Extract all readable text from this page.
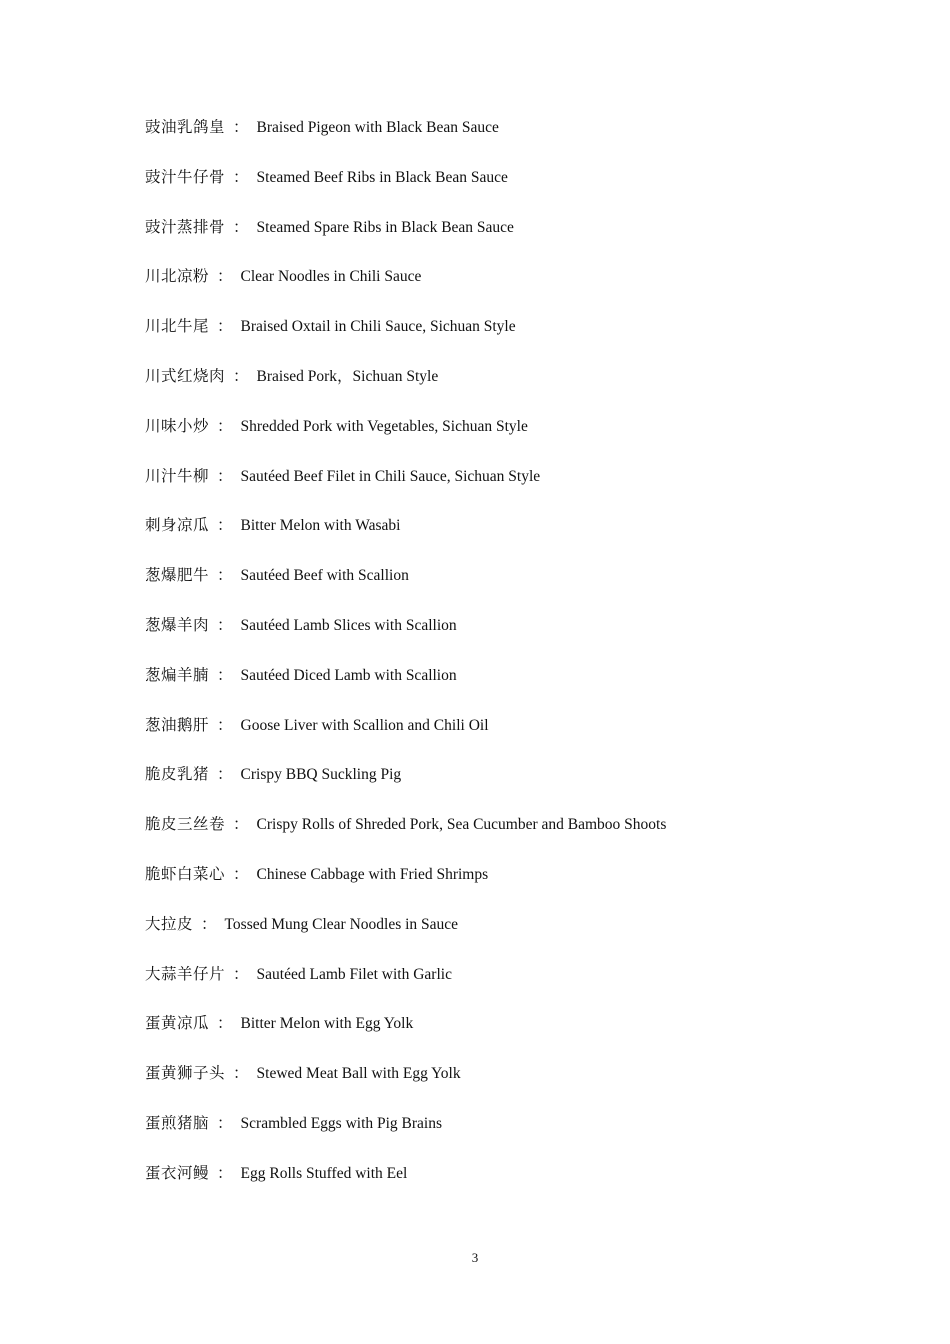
豉油乳鸽皇 ： Braised Pigeon with Black Bean Sauce
豉汁牛仔骨 ： Steamed Beef Ribs in Black Bean Sauce
豉汁蒸排骨 ： Steamed Spare Ribs in Black Bean Sauce
川北凉粉 ： Clear Noodles in Chili Sauce
川北牛尾 ： Braised Oxtail in Chili Sauce, Sichuan Style
川式红烧肉 ： Braised Pork，Sichuan Style
川味小炒 ： Shredded Pork with Vegetables, Sichuan Style
川汁牛柳 ： Sautéed Beef Filet in Chili Sauce, Sichuan Style
刺身凉瓜 ： Bitter Melon with Wasabi
葱爆肥牛 ： Sautéed Beef with Scallion
葱爆羊肉 ： Sautéed Lamb Slices with Scallion
葱煸羊腩 ： Sautéed Diced Lamb with Scallion
葱油鹅肝 ： Goose Liver with Scallion and Chili Oil
脆皮乳猪 ： Crispy BBQ Suckling Pig
脆皮三丝卷 ： Crispy Rolls of Shreded Pork, Sea Cucumber and Bamboo Shoots
脆虾白菜心 ： Chinese Cabbage with Fried Shrimps
大拉皮 ： Tossed Mung Clear Noodles in Sauce
大蒜羊仔片 ： Sautéed Lamb Filet with Garlic
蛋黄凉瓜 ： Bitter Melon with Egg Yolk
蛋黄狮子头 ： Stewed Meat Ball with Egg Yolk
蛋煎猪脑 ： Scrambled Eggs with Pig Brains
蛋衣河鳗 ： Egg Rolls Stuffed with Eel
3
